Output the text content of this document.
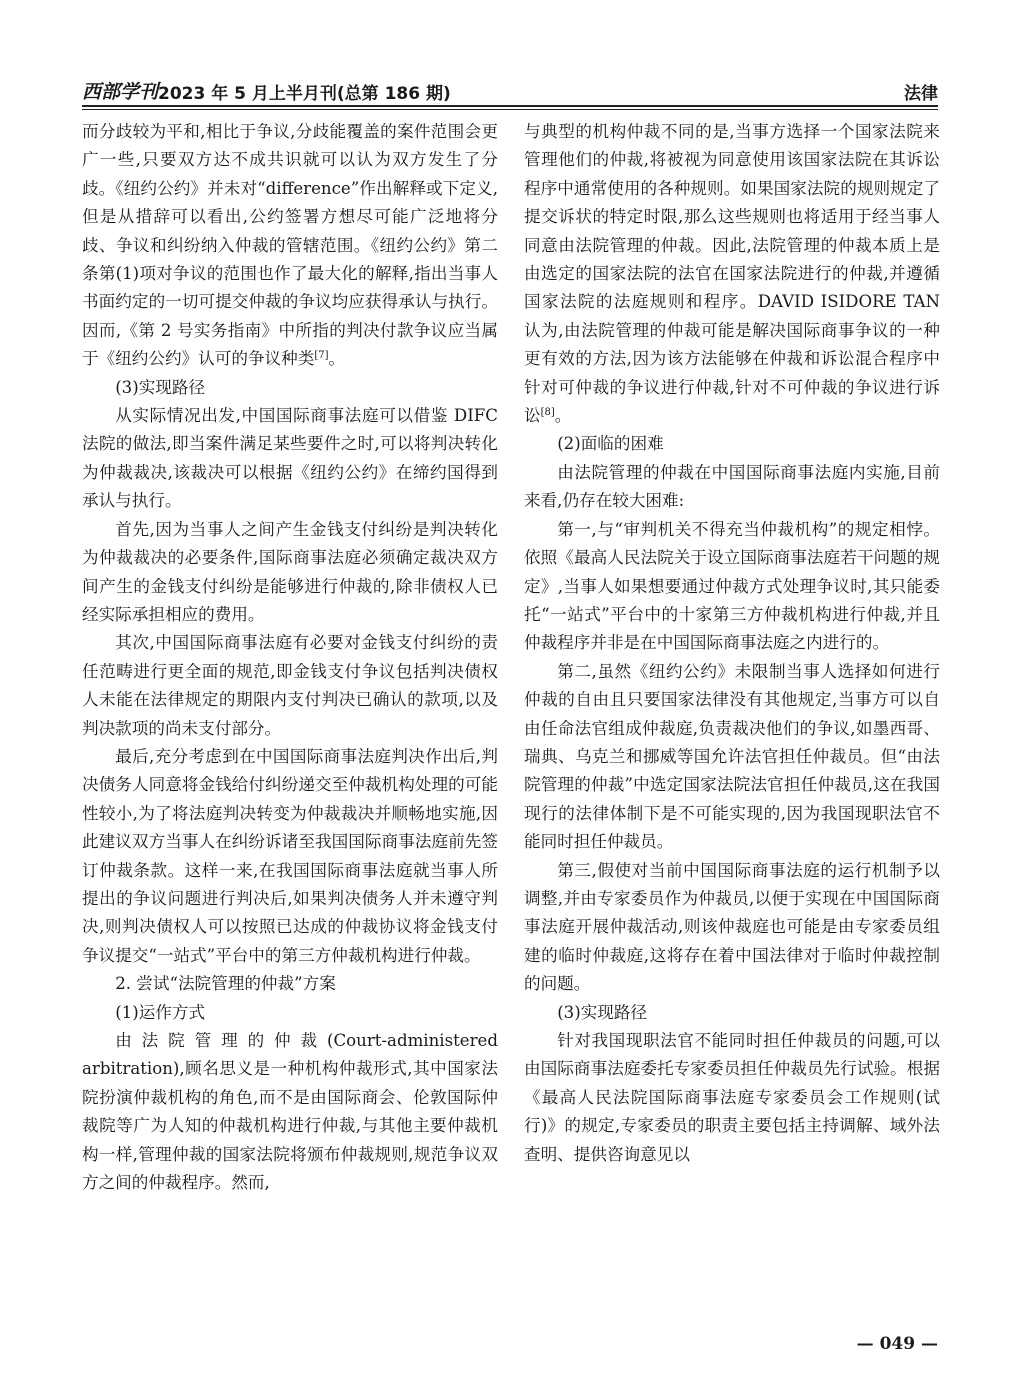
西部学刊 2023 年 5 月上半月刊(总第 186 期)	法律

而分歧较为平和,相比于争议,分歧能覆盖的案件范围会更广一些,只要双方达不成共识就可以认为双方发生了分歧。《纽约公约》并未对“difference”作出解释或下定义,但是从措辞可以看出,公约签署方想尽可能广泛地将分歧、争议和纠纷纳入仲裁的管辖范围。《纽约公约》第二条第(1)项对争议的范围也作了最大化的解释,指出当事人书面约定的一切可提交仲裁的争议均应获得承认与执行。因而,《第 2 号实务指南》中所指的判决付款争议应当属于《纽约公约》认可的争议种类[7]。

(3)实现路径

从实际情况出发,中国国际商事法庭可以借鉴 DIFC 法院的做法,即当案件满足某些要件之时,可以将判决转化为仲裁裁决,该裁决可以根据《纽约公约》在缔约国得到承认与执行。

首先,因为当事人之间产生金钱支付纠纷是判决转化为仲裁裁决的必要条件,国际商事法庭必须确定裁决双方间产生的金钱支付纠纷是能够进行仲裁的,除非债权人已经实际承担相应的费用。

其次,中国国际商事法庭有必要对金钱支付纠纷的责任范畴进行更全面的规范,即金钱支付争议包括判决债权人未能在法律规定的期限内支付判决已确认的款项,以及判决款项的尚未支付部分。

最后,充分考虑到在中国国际商事法庭判决作出后,判决债务人同意将金钱给付纠纷递交至仲裁机构处理的可能性较小,为了将法庭判决转变为仲裁裁决并顺畅地实施,因此建议双方当事人在纠纷诉诸至我国国际商事法庭前先签订仲裁条款。这样一来,在我国国际商事法庭就当事人所提出的争议问题进行判决后,如果判决债务人并未遵守判决,则判决债权人可以按照已达成的仲裁协议将金钱支付争议提交“一站式”平台中的第三方仲裁机构进行仲裁。

2. 尝试“法院管理的仲裁”方案

(1)运作方式

由法院管理的仲裁(Court-administered arbitration),顾名思义是一种机构仲裁形式,其中国家法院扮演仲裁机构的角色,而不是由国际商会、伦敦国际仲裁院等广为人知的仲裁机构进行仲裁,与其他主要仲裁机构一样,管理仲裁的国家法院将颁布仲裁规则,规范争议双方之间的仲裁程序。然而,

与典型的机构仲裁不同的是,当事方选择一个国家法院来管理他们的仲裁,将被视为同意使用该国家法院在其诉讼程序中通常使用的各种规则。如果国家法院的规则规定了提交诉状的特定时限,那么这些规则也将适用于经当事人同意由法院管理的仲裁。因此,法院管理的仲裁本质上是由选定的国家法院的法官在国家法院进行的仲裁,并遵循国家法院的法庭规则和程序。DAVID ISIDORE TAN 认为,由法院管理的仲裁可能是解决国际商事争议的一种更有效的方法,因为该方法能够在仲裁和诉讼混合程序中针对可仲裁的争议进行仲裁,针对不可仲裁的争议进行诉讼[8]。

(2)面临的困难

由法院管理的仲裁在中国国际商事法庭内实施,目前来看,仍存在较大困难:

第一,与“审判机关不得充当仲裁机构”的规定相悖。依照《最高人民法院关于设立国际商事法庭若干问题的规定》,当事人如果想要通过仲裁方式处理争议时,其只能委托“一站式”平台中的十家第三方仲裁机构进行仲裁,并且仲裁程序并非是在中国国际商事法庭之内进行的。

第二,虽然《纽约公约》未限制当事人选择如何进行仲裁的自由且只要国家法律没有其他规定,当事方可以自由任命法官组成仲裁庭,负责裁决他们的争议,如墨西哥、瑞典、乌克兰和挪威等国允许法官担任仲裁员。但“由法院管理的仲裁”中选定国家法院法官担任仲裁员,这在我国现行的法律体制下是不可能实现的,因为我国现职法官不能同时担任仲裁员。

第三,假使对当前中国国际商事法庭的运行机制予以调整,并由专家委员作为仲裁员,以便于实现在中国国际商事法庭开展仲裁活动,则该仲裁庭也可能是由专家委员组建的临时仲裁庭,这将存在着中国法律对于临时仲裁控制的问题。

(3)实现路径

针对我国现职法官不能同时担任仲裁员的问题,可以由国际商事法庭委托专家委员担任仲裁员先行试验。根据《最高人民法院国际商事法庭专家委员会工作规则(试行)》的规定,专家委员的职责主要包括主持调解、域外法查明、提供咨询意见以

— 049 —
